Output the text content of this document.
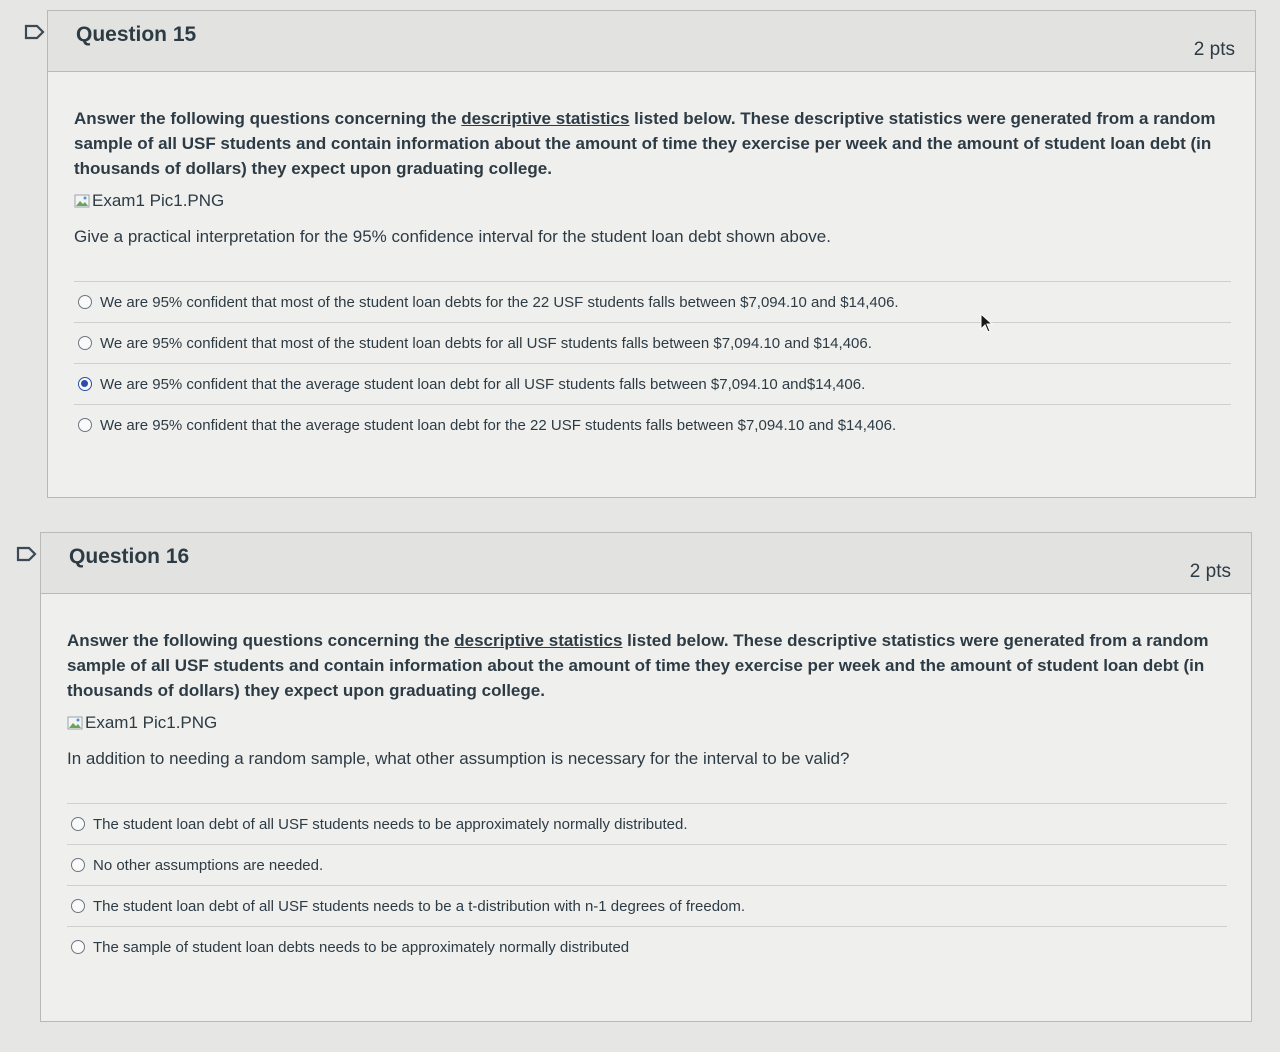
Question 15
2 pts

Answer the following questions concerning the descriptive statistics listed below. These descriptive statistics were generated from a random sample of all USF students and contain information about the amount of time they exercise per week and the amount of student loan debt (in thousands of dollars) they expect upon graduating college.

Exam1 Pic1.PNG

Give a practical interpretation for the 95% confidence interval for the student loan debt shown above.

We are 95% confident that most of the student loan debts for the 22 USF students falls between $7,094.10 and $14,406.
We are 95% confident that most of the student loan debts for all USF students falls between $7,094.10 and $14,406.
We are 95% confident that the average student loan debt for all USF students falls between $7,094.10 and$14,406.
We are 95% confident that the average student loan debt for the 22 USF students falls between $7,094.10 and $14,406.
Question 16
2 pts

Answer the following questions concerning the descriptive statistics listed below. These descriptive statistics were generated from a random sample of all USF students and contain information about the amount of time they exercise per week and the amount of student loan debt (in thousands of dollars) they expect upon graduating college.

Exam1 Pic1.PNG

In addition to needing a random sample, what other assumption is necessary for the interval to be valid?

The student loan debt of all USF students needs to be approximately normally distributed.
No other assumptions are needed.
The student loan debt of all USF students needs to be a t-distribution with n-1 degrees of freedom.
The sample of student loan debts needs to be approximately normally distributed
